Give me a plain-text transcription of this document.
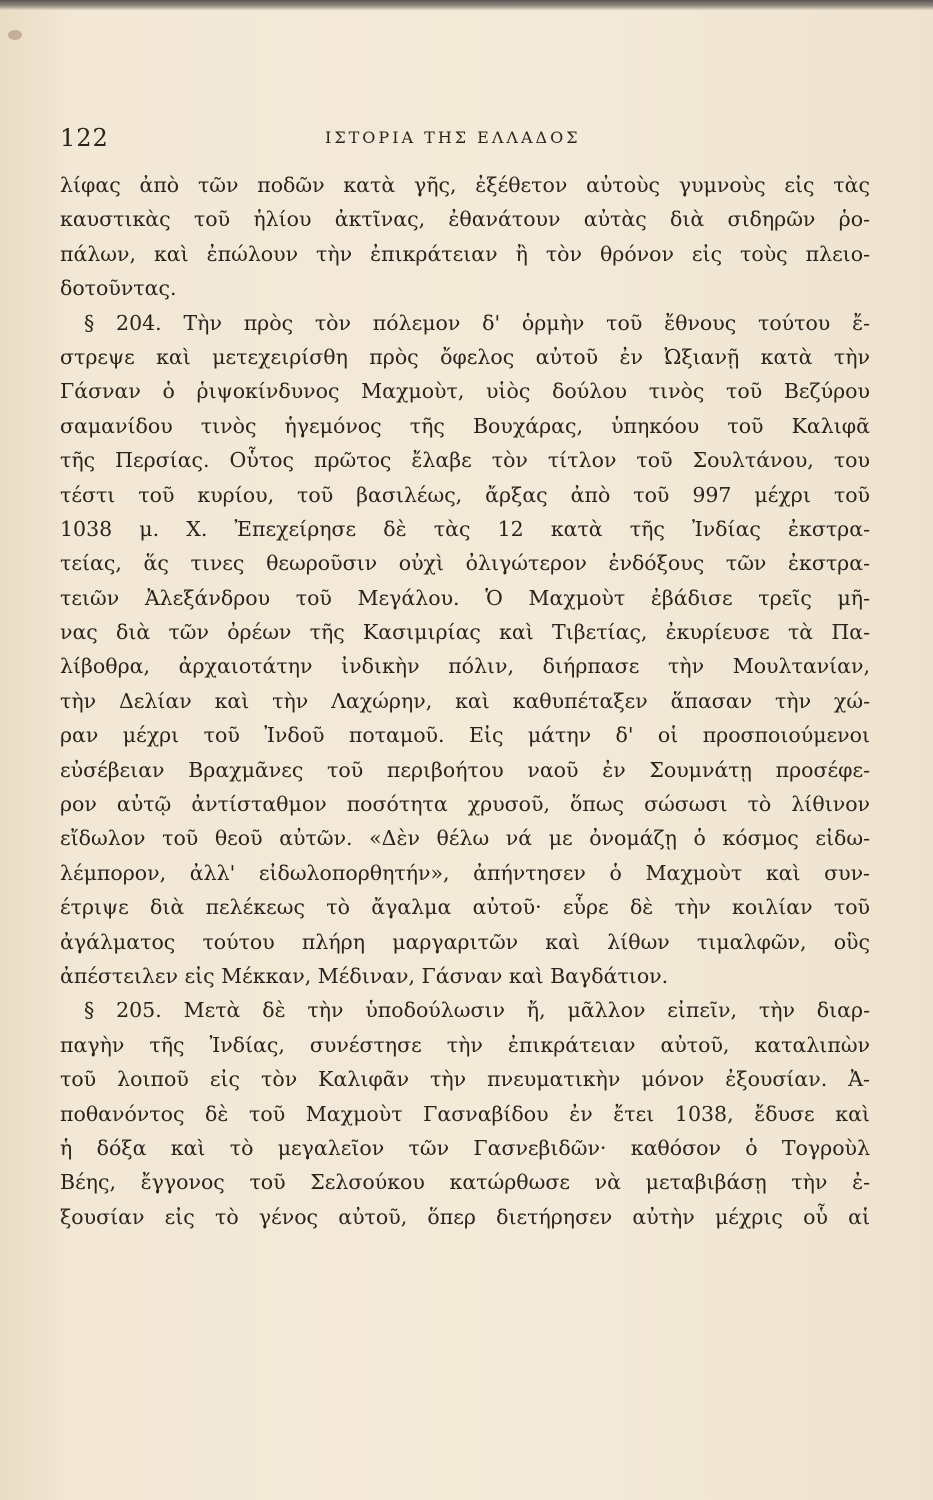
122	ΙΣΤΟΡΙΑ ΤΗΣ ΕΛΛΑΔΟΣ
λίφας ἀπὸ τῶν ποδῶν κατὰ γῆς, ἐξέθετον αὐτοὺς γυμνοὺς εἰς τὰς
καυστικὰς τοῦ ἡλίου ἀκτῖνας, ἐθανάτουν αὐτὰς διὰ σιδηρῶν ῥο-
πάλων, καὶ ἐπώλουν τὴν ἐπικράτειαν ἢ τὸν θρόνον εἰς τοὺς πλειο-
δοτοῦντας.
§ 204. Τὴν πρὸς τὸν πόλεμον δ' ὁρμὴν τοῦ ἔθνους τούτου ἔ-
στρεψε καὶ μετεχειρίσθη πρὸς ὄφελος αὐτοῦ ἐν Ὠξιανῇ κατὰ τὴν
Γάσναν ὁ ῥιψοκίνδυνος Μαχμοὺτ, υἱὸς δούλου τινὸς τοῦ Βεζύρου
σαμανίδου τινὸς ἡγεμόνος τῆς Βουχάρας, ὑπηκόου τοῦ Καλιφᾶ
τῆς Περσίας. Οὗτος πρῶτος ἔλαβε τὸν τίτλον τοῦ Σουλτάνου, του
τέστι τοῦ κυρίου, τοῦ βασιλέως, ἄρξας ἀπὸ τοῦ 997 μέχρι τοῦ
1038 μ. Χ. Ἐπεχείρησε δὲ τὰς 12 κατὰ τῆς Ἰνδίας ἐκστρα-
τείας, ἅς τινες θεωροῦσιν οὐχὶ ὀλιγώτερον ἐνδόξους τῶν ἐκστρα-
τειῶν Ἀλεξάνδρου τοῦ Μεγάλου. Ὁ Μαχμοὺτ ἐβάδισε τρεῖς μῆ-
νας διὰ τῶν ὀρέων τῆς Κασιμιρίας καὶ Τιβετίας, ἐκυρίευσε τὰ Πα-
λίβοθρα, ἀρχαιοτάτην ἰνδικὴν πόλιν, διήρπασε τὴν Μουλτανίαν,
τὴν Δελίαν καὶ τὴν Λαχώρην, καὶ καθυπέταξεν ἅπασαν τὴν χώ-
ραν μέχρι τοῦ Ἰνδοῦ ποταμοῦ. Εἰς μάτην δ' οἱ προσποιούμενοι
εὐσέβειαν Βραχμᾶνες τοῦ περιβοήτου ναοῦ ἐν Σουμνάτῃ προσέφε-
ρον αὐτῷ ἀντίσταθμον ποσότητα χρυσοῦ, ὅπως σώσωσι τὸ λίθινον
εἴδωλον τοῦ θεοῦ αὐτῶν. «Δὲν θέλω νά με ὀνομάζῃ ὁ κόσμος εἰδω-
λέμπορον, ἀλλ' εἰδωλοπορθητήν», ἀπήντησεν ὁ Μαχμοὺτ καὶ συν-
έτριψε διὰ πελέκεως τὸ ἄγαλμα αὐτοῦ· εὗρε δὲ τὴν κοιλίαν τοῦ
ἀγάλματος τούτου πλήρη μαργαριτῶν καὶ λίθων τιμαλφῶν, οὓς
ἀπέστειλεν εἰς Μέκκαν, Μέδιναν, Γάσναν καὶ Βαγδάτιον.
§ 205. Μετὰ δὲ τὴν ὑποδούλωσιν ἤ, μᾶλλον εἰπεῖν, τὴν διαρ-
παγὴν τῆς Ἰνδίας, συνέστησε τὴν ἐπικράτειαν αὐτοῦ, καταλιπὼν
τοῦ λοιποῦ εἰς τὸν Καλιφᾶν τὴν πνευματικὴν μόνον ἐξουσίαν. Ἀ-
ποθανόντος δὲ τοῦ Μαχμοὺτ Γασναβίδου ἐν ἔτει 1038, ἔδυσε καὶ
ἡ δόξα καὶ τὸ μεγαλεῖον τῶν Γασνεβιδῶν· καθόσον ὁ Τογροὺλ
Βέης, ἔγγονος τοῦ Σελσούκου κατώρθωσε νὰ μεταβιβάσῃ τὴν ἐ-
ξουσίαν εἰς τὸ γένος αὐτοῦ, ὅπερ διετήρησεν αὐτὴν μέχρις οὗ αἱ
